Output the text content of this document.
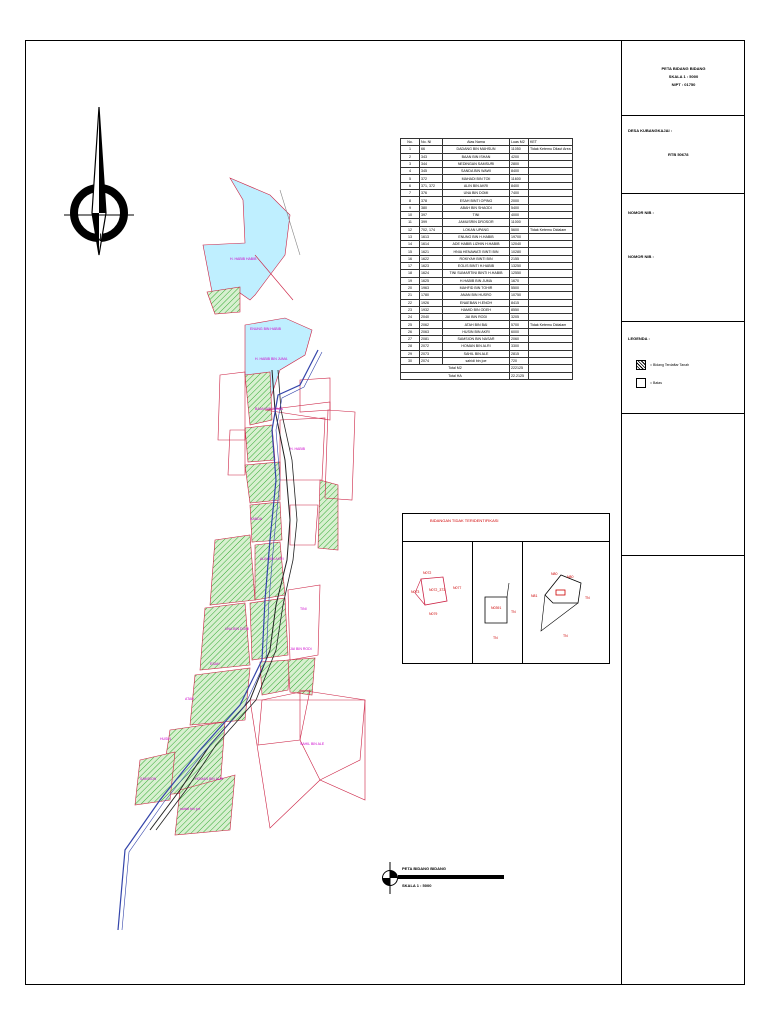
N
H. HABIB HABIB
ENUNG BIN HABIB
H. HABIB BIN JUMA
BAAN BIN ISHAN
H. HABIB
SANDA
ALIN BIN AKRI
UNA BIN DOMI
ESAH
TINI
JAI BIN RODI
ATAH
HUSIN
SAMSION	HOMAN BIN ALRI
SAHIL BIN ALE
sahidi bin joe
No.	No. NI	Atas Nama	Luas M2	KET
1	66	DADANG BIN MAHSUN	11050	Tidak Ketemu Dilaut Area
2	343	BAAN BIN ISHAN	4200	
3	344	NEDINGAN SAMSURI	2800	
4	345	SANDA BIN WAWI	8400	
5	372	MAHADI BIN TOII	11600	
6	371, 372	ALIN BIN AKRI	8400	
7	376	UNA BIN DOMI	7400	
8	378	ESAH BINTI OPING	2000	
9	380	ABAH BIN SHAODI	5400	
10	397	TINI	4000	
11	399	JAMUSRIN DROSOR	11000	
12	702, 174	LOKAN UPANG	5600	Tidak Ketemu Didalam
13	1613	ENUNG BIN H.HABIB	19700	
14	1614	ADE HABIB LIZHIN H.HABIB	12040	
15	1621	HNIA HENAWATI BINTI BIN	10280	
16	1622	ROKIYAH BINTI BIN	2155	
17	1623	EOLIS BINTI H.HABIB	13250	
18	1624	TINI SUMARTINI BINTI H.HABIB	12550	
19	1625	H.HABIB BIN JUMA	1670	
20	1963	MAHFID BIN TOHIR	5500	
21	1780	ANAN BIN HUSRO	10750	
22	1926	ENAEBAN H.ENOH	8415	
23	1932	HAMID BIN ODEH	8550	
24	2040	JAI BIN RODI	3205	
25	2062	ATAH BIN BAI	5700	Tidak Ketemu Didalam
26	2063	HUSIN BIN AKRI	6000	
27	2081	SAMSION BIN NASAR	2060	
28	2072	HOMAN BIN ALRI	3300	
29	2073	SAHIL BIN ALE	2815	
30	2074	sahidi bin joe	720	
Total M2			222125	
Total HA			22.2125	
BIDANGAN TIDAK TERIDENTIFIKASI
N072
N073	N072_373 N077
N079
N0391
TN
TN
N80
N80
N81	TN
TN
PETA BIDANG BIDANG
SKALA 1 : 5000
PETA BIDANG BIDANG
SKALA 1 : 5000
NIPT : 01750
DESA KUBANGKAJAI :
RTB 50678
NOMOR NIB :
NOMOR NIB :
LEGENDA :
= Bidang Terdaftar Tanah
= Batas
